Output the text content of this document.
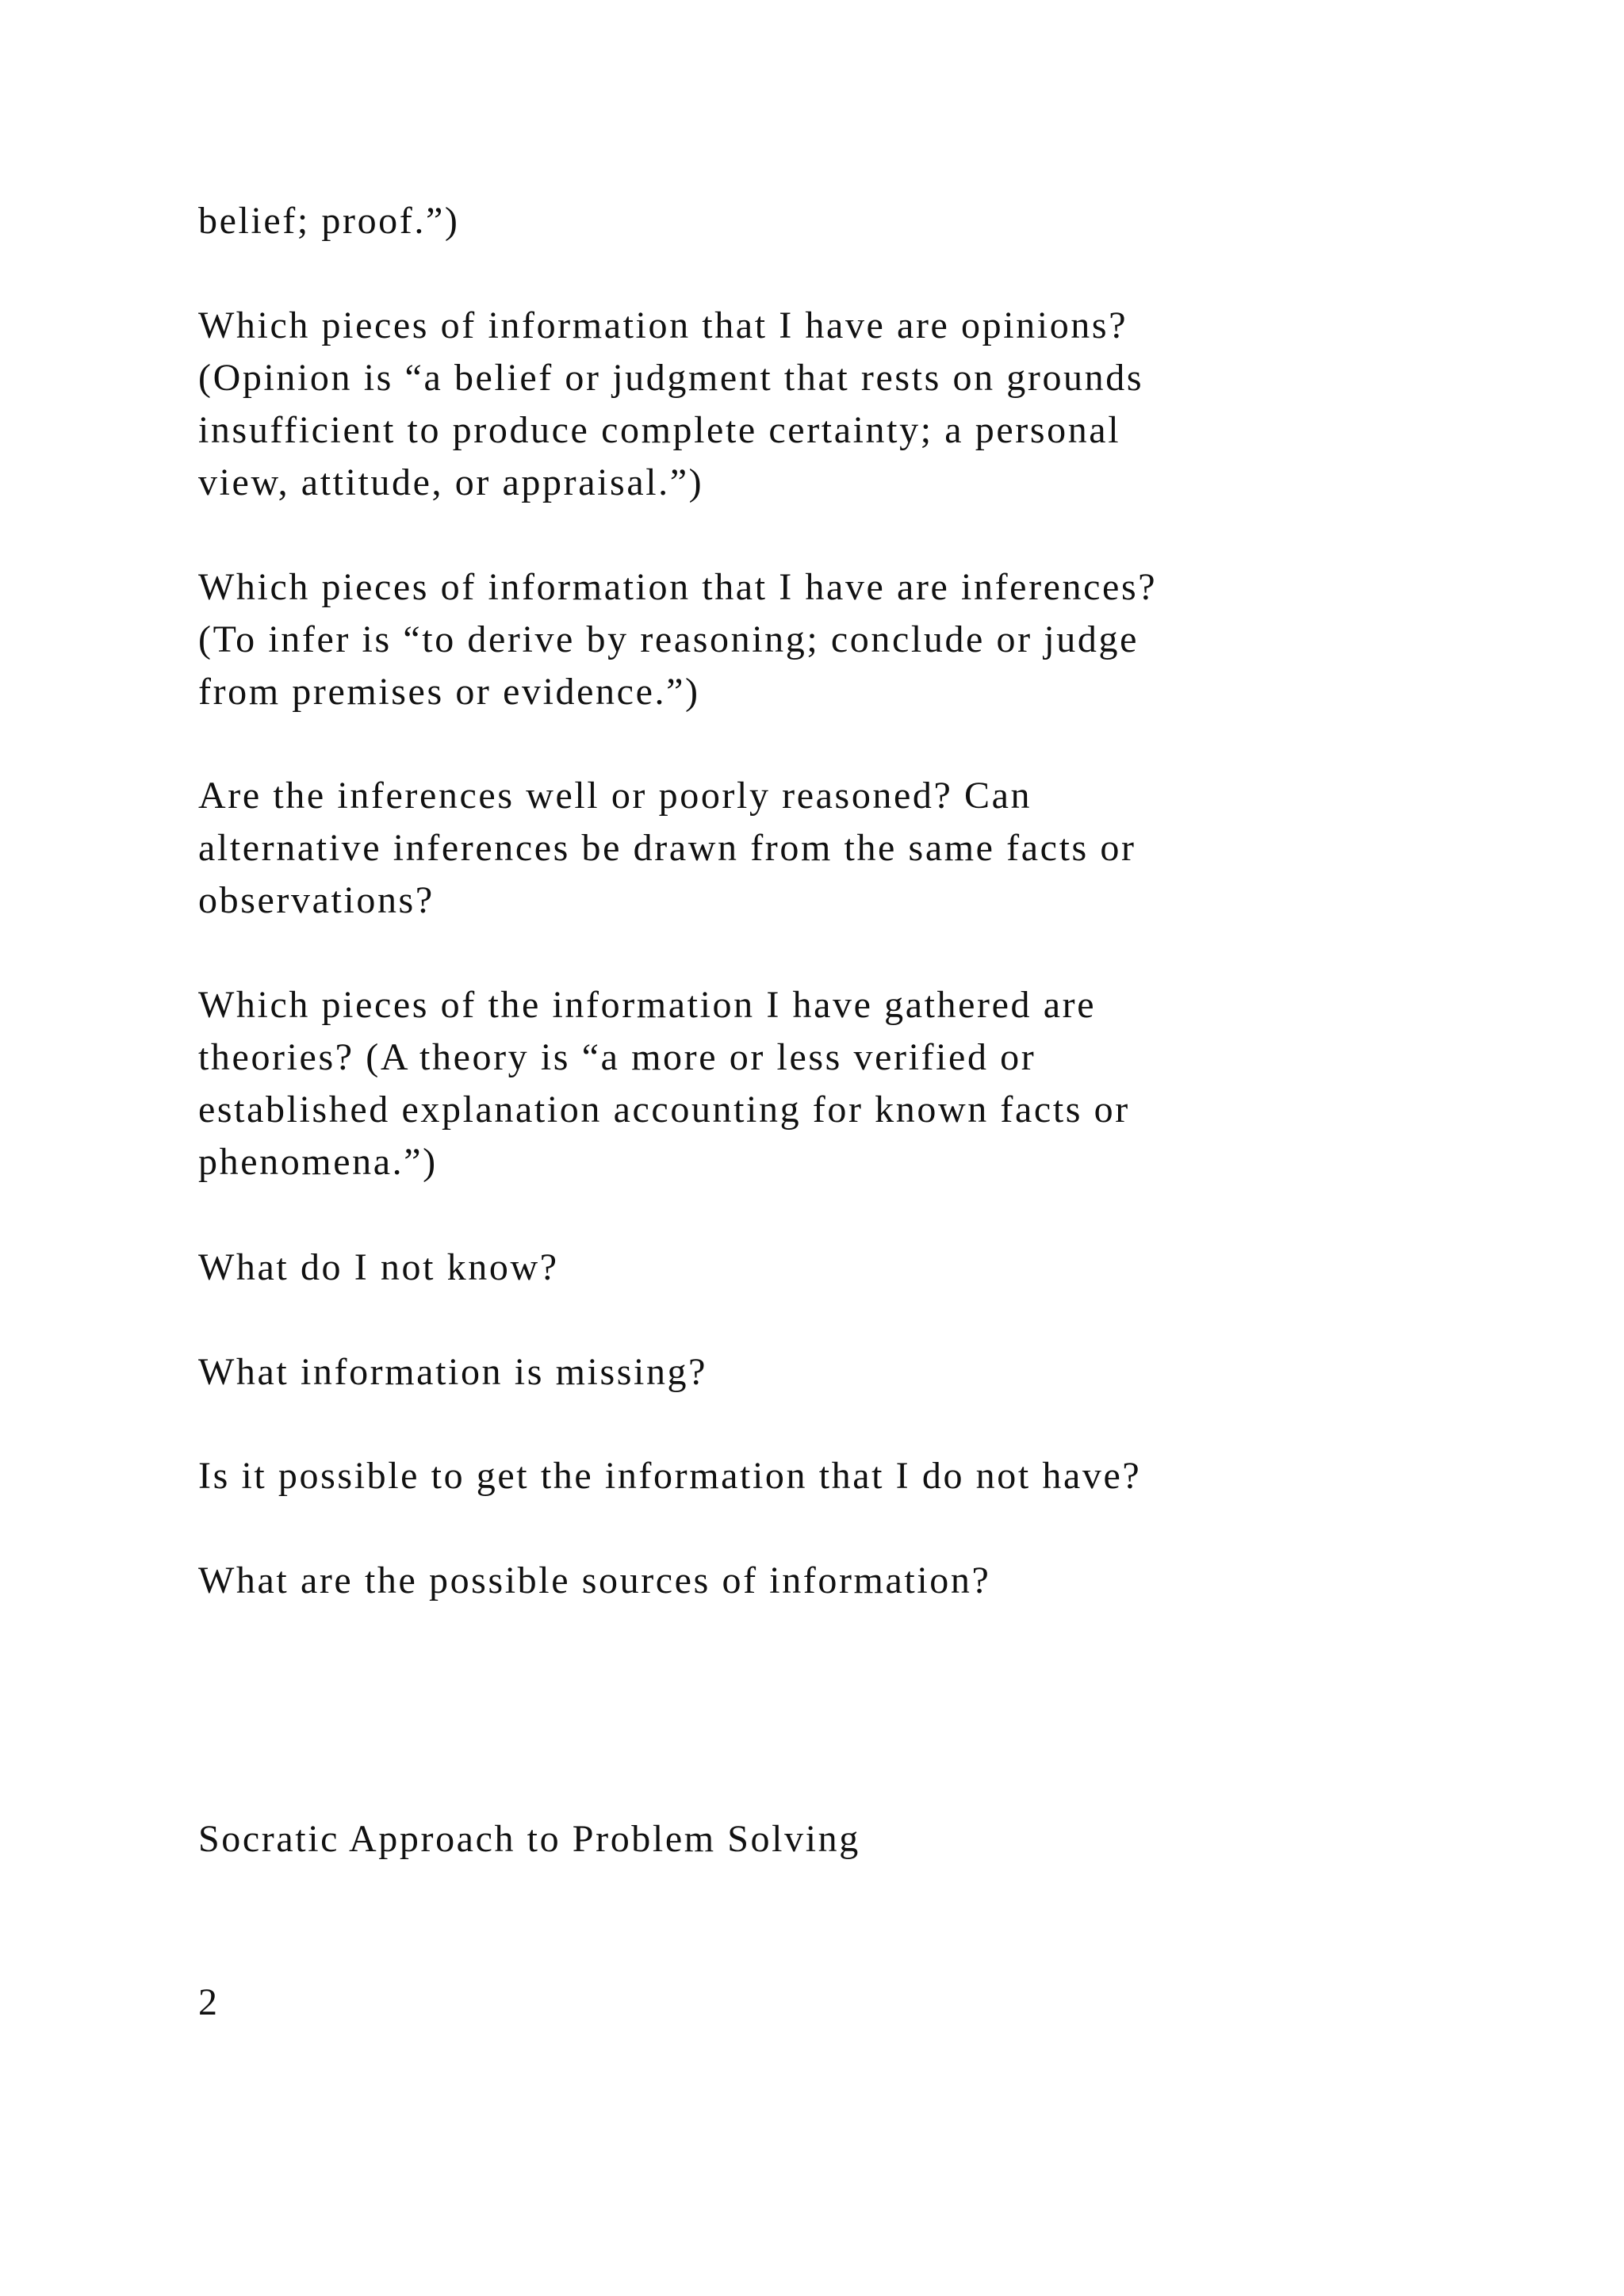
belief; proof.”)

Which pieces of information that I have are opinions?
(Opinion is “a belief or judgment that rests on grounds
insufficient to produce complete certainty; a personal
view, attitude, or appraisal.”)

Which pieces of information that I have are inferences?
(To infer is “to derive by reasoning; conclude or judge
from premises or evidence.”)

Are the inferences well or poorly reasoned? Can
alternative inferences be drawn from the same facts or
observations?

Which pieces of the information I have gathered are
theories? (A theory is “a more or less verified or
established explanation accounting for known facts or
phenomena.”)

What do I not know?

What information is missing?

Is it possible to get the information that I do not have?

What are the possible sources of information?

Socratic Approach to Problem Solving

2
